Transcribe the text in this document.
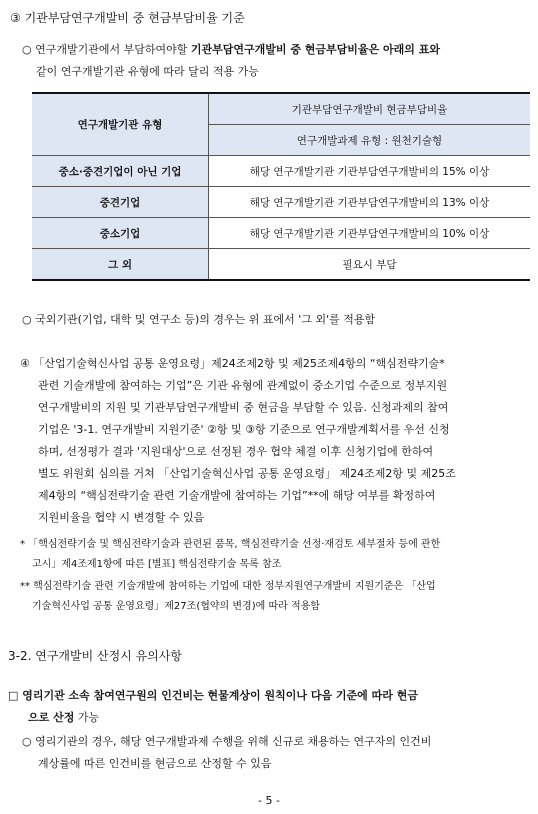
③ 기관부담연구개발비 중 현금부담비율 기준
○ 연구개발기관에서 부담하여야할 기관부담연구개발비 중 현금부담비율은 아래의 표와
같이 연구개발기관 유형에 따라 달리 적용 가능
연구개발기관 유형	기관부담연구개발비 현금부담비율
	연구개발과제 유형 : 원천기술형
중소·중견기업이 아닌 기업	해당 연구개발기관 기관부담연구개발비의 15% 이상
중견기업	해당 연구개발기관 기관부담연구개발비의 13% 이상
중소기업	해당 연구개발기관 기관부담연구개발비의 10% 이상
그 외	필요시 부담
○ 국외기관(기업, 대학 및 연구소 등)의 경우는 위 표에서 '그 외'를 적용함
④ 「산업기술혁신사업 공통 운영요령」제24조제2항 및 제25조제4항의 “핵심전략기술*
관련 기술개발에 참여하는 기업”은 기관 유형에 관계없이 중소기업 수준으로 정부지원
연구개발비의 지원 및 기관부담연구개발비 중 현금을 부담할 수 있음. 신청과제의 참여
기업은 '3-1. 연구개발비 지원기준' ②항 및 ③항 기준으로 연구개발계획서를 우선 신청
하며, 선정평가 결과 '지원대상'으로 선정된 경우 협약 체결 이후 신청기업에 한하여
별도 위원회 심의를 거쳐 「산업기술혁신사업 공통 운영요령」 제24조제2항 및 제25조
제4항의 “핵심전략기술 관련 기술개발에 참여하는 기업”**에 해당 여부를 확정하여
지원비율을 협약 시 변경할 수 있음
* 「핵심전략기술 및 핵심전략기술과 관련된 품목, 핵심전략기술 선정·재검토 세부절차 등에 관한
고시」제4조제1항에 따른 [별표] 핵심전략기술 목록 참조
** 핵심전략기술 관련 기술개발에 참여하는 기업에 대한 정부지원연구개발비 지원기준은 「산업
기술혁신사업 공통 운영요령」제27조(협약의 변경)에 따라 적용함
3-2. 연구개발비 산정시 유의사항
□ 영리기관 소속 참여연구원의 인건비는 현물계상이 원칙이나 다음 기준에 따라 현금
으로 산정 가능
○ 영리기관의 경우, 해당 연구개발과제 수행을 위해 신규로 채용하는 연구자의 인건비
계상률에 따른 인건비를 현금으로 산정할 수 있음
- 5 -
